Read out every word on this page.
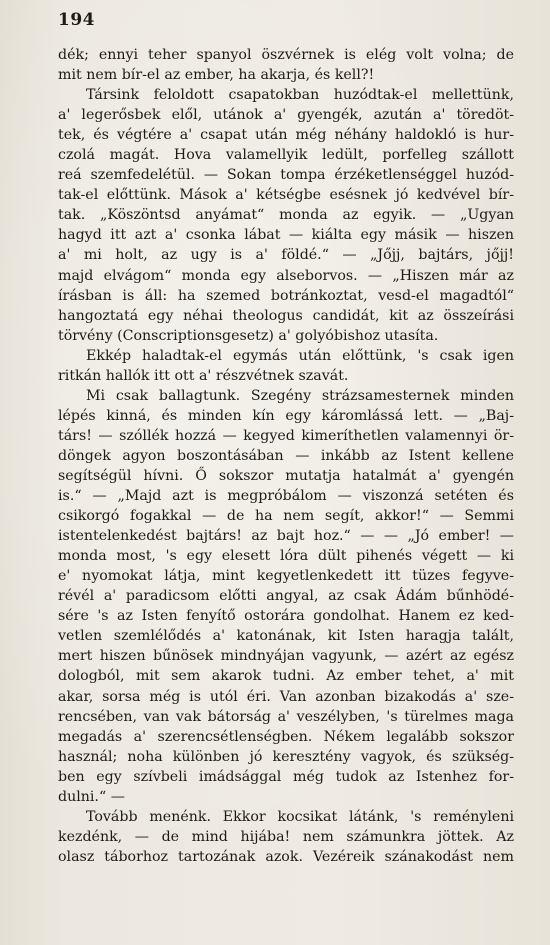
194
dék; ennyi teher spanyol öszvérnek is elég volt volna; de
mit nem bír-el az ember, ha akarja, és kell?!
Társink feloldott csapatokban huzódtak-el mellettünk,
a' legerősbek elől, utánok a' gyengék, azután a' töredöt-
tek, és végtére a' csapat után még néhány haldokló is hur-
czolá magát. Hova valamellyik ledült, porfelleg szállott
reá szemfedelétül. — Sokan tompa érzéketlenséggel huzód-
tak-el előttünk. Mások a' kétségbe esésnek jó kedvével bír-
tak. „Köszöntsd anyámat“ monda az egyik. — „Ugyan
hagyd itt azt a' csonka lábat — kiálta egy másik — hiszen
a' mi holt, az ugy is a' földé.“ — „Jőjj, bajtárs, jőjj!
majd elvágom“ monda egy alseborvos. — „Hiszen már az
írásban is áll: ha szemed botránkoztat, vesd-el magadtól“
hangoztatá egy néhai theologus candidát, kit az összeírási
törvény (Conscriptionsgesetz) a' golyóbishoz utasíta.
Ekkép haladtak-el egymás után előttünk, 's csak igen
ritkán hallók itt ott a' részvétnek szavát.
Mi csak ballagtunk. Szegény strázsamesternek minden
lépés kinná, és minden kín egy káromlássá lett. — „Baj-
társ! — szóllék hozzá — kegyed kimeríthetlen valamennyi ör-
döngek agyon boszontásában — inkább az Istent kellene
segítségül hívni. Ő sokszor mutatja hatalmát a' gyengén
is.“ — „Majd azt is megpróbálom — viszonzá setéten és
csikorgó fogakkal — de ha nem segít, akkor!“ — Semmi
istentelenkedést bajtárs! az bajt hoz.“ — — „Jó ember! —
monda most, 's egy elesett lóra dült pihenés végett — ki
e' nyomokat látja, mint kegyetlenkedett itt tüzes fegyve-
révél a' paradicsom előtti angyal, az csak Ádám bűnhödé-
sére 's az Isten fenyítő ostorára gondolhat. Hanem ez ked-
vetlen szemlélődés a' katonának, kit Isten haragja talált,
mert hiszen bűnösek mindnyájan vagyunk, — azért az egész
dologból, mit sem akarok tudni. Az ember tehet, a' mit
akar, sorsa még is utól éri. Van azonban bizakodás a' sze-
rencsében, van vak bátorság a' veszélyben, 's türelmes maga
megadás a' szerencsétlenségben. Nékem legalább sokszor
használ; noha különben jó keresztény vagyok, és szükség-
ben egy szívbeli imádsággal még tudok az Istenhez for-
dulni.“ —
Tovább menénk. Ekkor kocsikat látánk, 's reményleni
kezdénk, — de mind hijába! nem számunkra jöttek. Az
olasz táborhoz tartozának azok. Vezéreik szánakodást nem
